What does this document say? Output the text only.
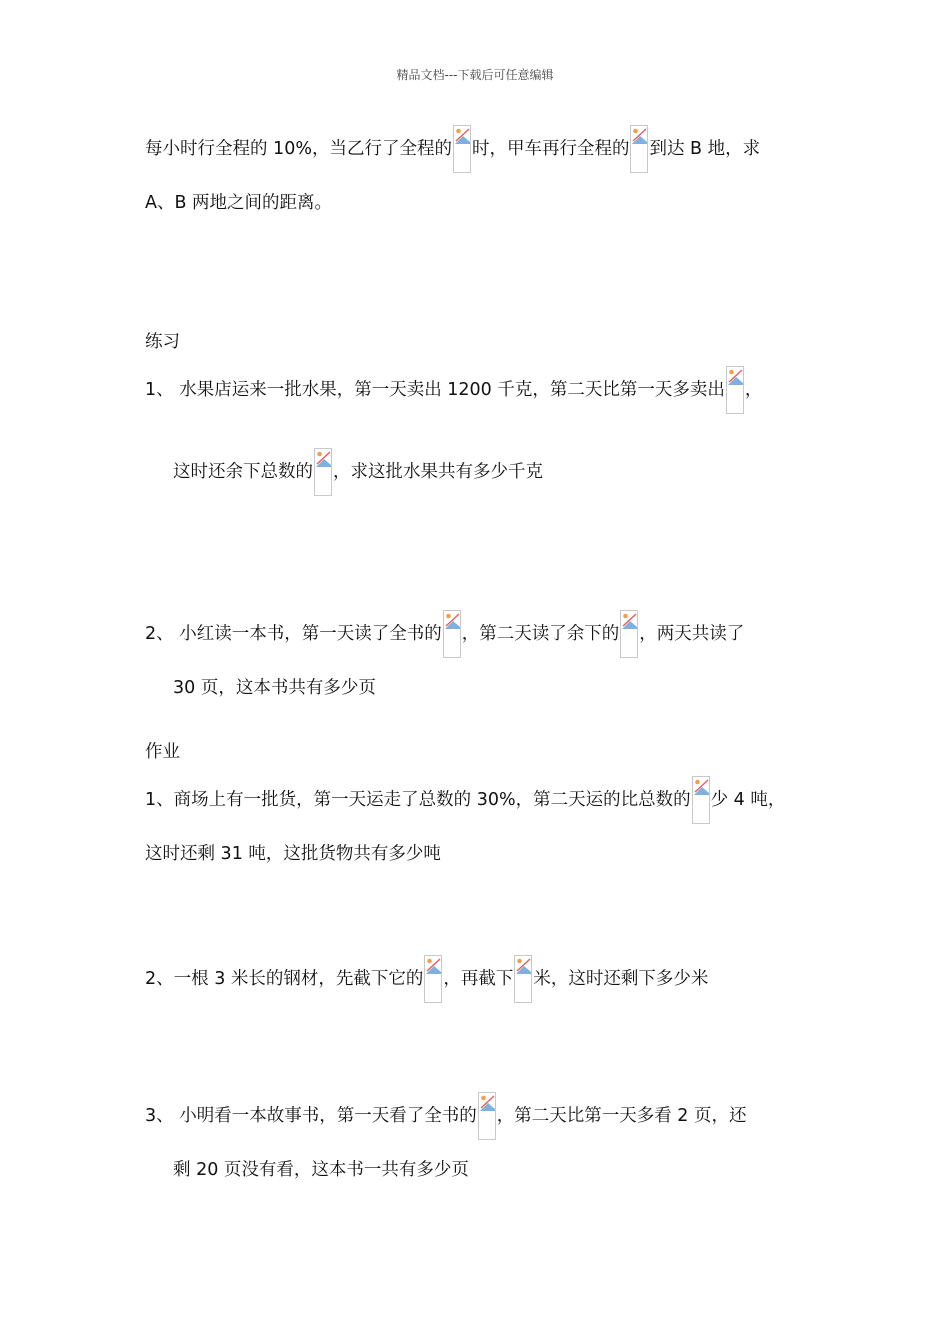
精品文档---下载后可任意编辑
每小时行全程的 10%，当乙行了全程的 时，甲车再行全程的 到达 B 地，求
A、B 两地之间的距离。
练习
1、 水果店运来一批水果，第一天卖出 1200 千克，第二天比第一天多卖出 ，
这时还余下总数的 ，求这批水果共有多少千克
2、 小红读一本书，第一天读了全书的 ，第二天读了余下的 ，两天共读了
30 页，这本书共有多少页
作业
1、商场上有一批货，第一天运走了总数的 30%，第二天运的比总数的 少 4 吨，
这时还剩 31 吨，这批货物共有多少吨
2、一根 3 米长的钢材，先截下它的 ，再截下 米，这时还剩下多少米
3、 小明看一本故事书，第一天看了全书的 ，第二天比第一天多看 2 页，还
剩 20 页没有看，这本书一共有多少页
